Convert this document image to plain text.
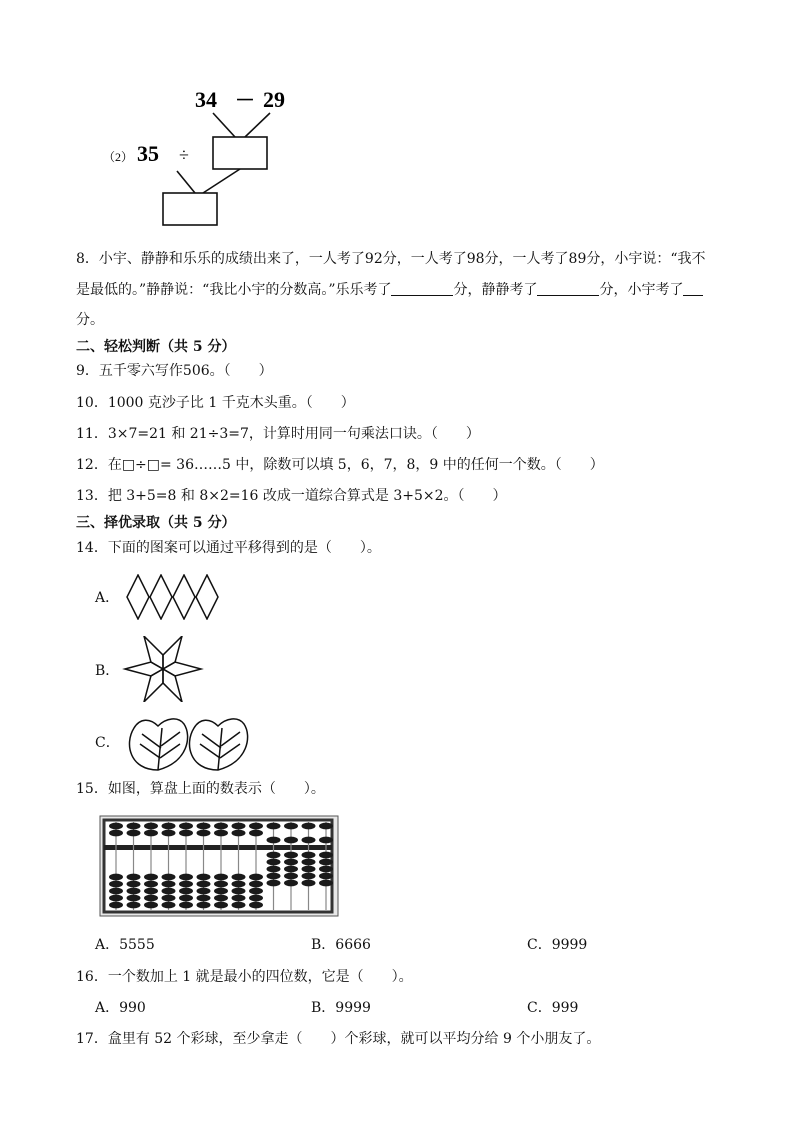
34 － 29
（2） 35 ÷
8．小宇、静静和乐乐的成绩出来了，一人考了92分，一人考了98分，一人考了89分，小宇说：“我不
是最低的。”静静说：“我比小宇的分数高。”乐乐考了	分，静静考了	分，小宇考了
分。
二、轻松判断（共 5 分）
9．五千零六写作506。（　　）
10．1000 克沙子比 1 千克木头重。（　　）
11．3×7=21 和 21÷3=7，计算时用同一句乘法口诀。（　　）
12．在□÷□= 36……5 中，除数可以填 5，6，7，8，9 中的任何一个数。（　　）
13．把 3+5=8 和 8×2=16 改成一道综合算式是 3+5×2。（　　）
三、择优录取（共 5 分）
14．下面的图案可以通过平移得到的是（　　）。
A．
B．
C．
15．如图，算盘上面的数表示（　　）。
A．5555	B．6666	C．9999
16．一个数加上 1 就是最小的四位数，它是（　　）。
A．990	B．9999	C．999
17．盒里有 52 个彩球，至少拿走（　　）个彩球，就可以平均分给 9 个小朋友了。
